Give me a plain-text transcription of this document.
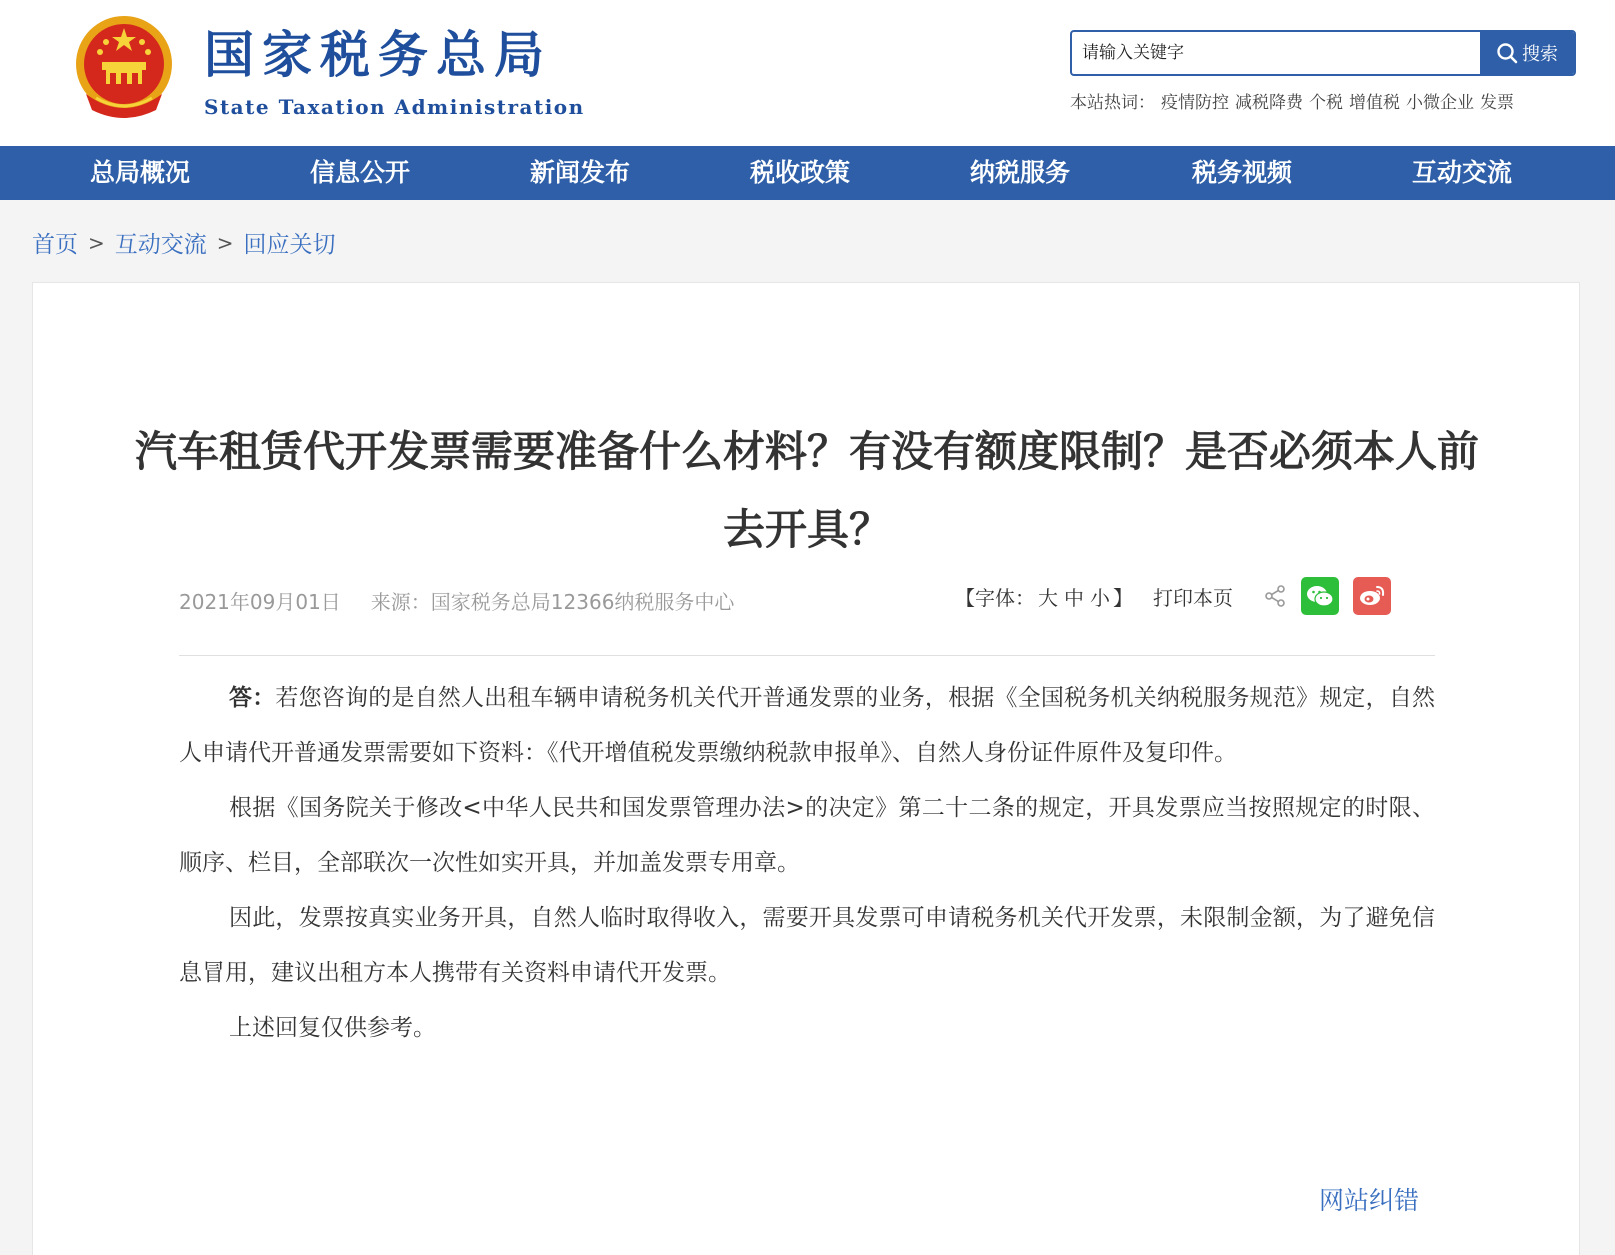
国家税务总局
State Taxation Administration
请输入关键字
搜索
本站热词： 疫情防控 减税降费 个税 增值税 小微企业 发票
总局概况	信息公开	新闻发布	税收政策	纳税服务	税务视频	互动交流
首页 > 互动交流 > 回应关切
汽车租赁代开发票需要准备什么材料？有没有额度限制？是否必须本人前去开具？
2021年09月01日 来源：国家税务总局12366纳税服务中心	【字体： 大 中 小 】 打印本页

答：若您咨询的是自然人出租车辆申请税务机关代开普通发票的业务，根据《全国税务机关纳税服务规范》规定，自然人申请代开普通发票需要如下资料：《代开增值税发票缴纳税款申报单》、自然人身份证件原件及复印件。

根据《国务院关于修改<中华人民共和国发票管理办法>的决定》第二十二条的规定，开具发票应当按照规定的时限、顺序、栏目，全部联次一次性如实开具，并加盖发票专用章。

因此，发票按真实业务开具，自然人临时取得收入，需要开具发票可申请税务机关代开发票，未限制金额，为了避免信息冒用，建议出租方本人携带有关资料申请代开发票。

上述回复仅供参考。

网站纠错
